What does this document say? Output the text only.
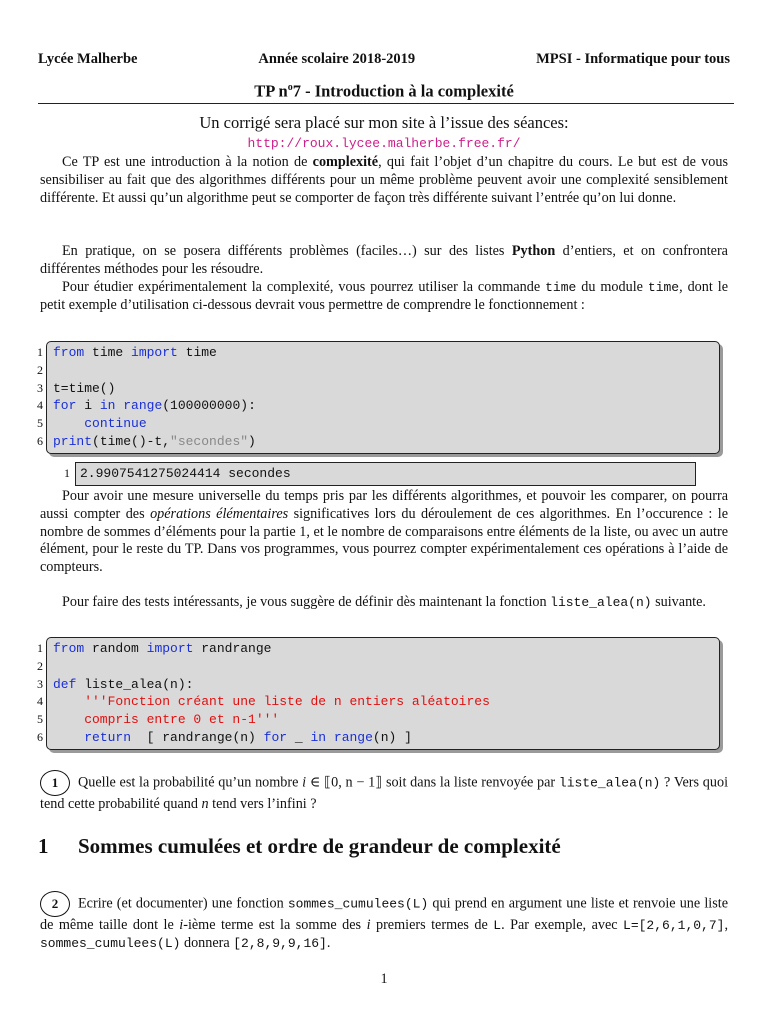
Lycée Malherbe	Année scolaire 2018-2019	MPSI - Informatique pour tous
TP $n^o7$ - Introduction à la complexité
Un corrigé sera placé sur mon site à l’issue des séances:
http://roux.lycee.malherbe.free.fr/
Ce TP est une introduction à la notion de complexité, qui fait l’objet d’un chapitre du cours. Le but est de vous sensibiliser au fait que des algorithmes différents pour un même problème peuvent avoir une complexité sensiblement différente. Et aussi qu’un algorithme peut se comporter de façon très différente suivant l’entrée qu’on lui donne.
En pratique, on se posera différents problèmes (faciles…) sur des listes Python d’entiers, et on confrontera différentes méthodes pour les résoudre.
Pour étudier expérimentalement la complexité, vous pourrez utiliser la commande time du module time, dont le petit exemple d’utilisation ci-dessous devrait vous permettre de comprendre le fonctionnement :
1 from time import time
2
3 t=time()
4 for i in range(100000000):
5	continue
6 print(time()-t,"secondes")
1 2.9907541275024414 secondes
Pour avoir une mesure universelle du temps pris par les différents algorithmes, et pouvoir les comparer, on pourra aussi compter des opérations élémentaires significatives lors du déroulement de ces algorithmes. En l’occurence : le nombre de sommes d’éléments pour la partie 1, et le nombre de comparaisons entre éléments de la liste, ou avec un autre élément, pour le reste du TP. Dans vos programmes, vous pourrez compter expérimentalement ces opérations à l’aide de compteurs.
Pour faire des tests intéressants, je vous suggère de définir dès maintenant la fonction liste_alea(n) suivante.
1 from random import randrange
2
3 def liste_alea(n):
4 '''Fonction créant une liste de n entiers aléatoires
5 compris entre 0 et n-1'''
6	return  [ randrange(n) for _ in range(n) ]
1 Quelle est la probabilité qu’un nombre i ∈ ⟦0, n − 1⟧ soit dans la liste renvoyée par liste_alea(n) ? Vers quoi tend cette probabilité quand n tend vers l’infini ?
1 Sommes cumulées et ordre de grandeur de complexité
2 Ecrire (et documenter) une fonction sommes_cumulees(L) qui prend en argument une liste et renvoie une liste de même taille dont le i-ième terme est la somme des i premiers termes de L. Par exemple, avec L=[2,6,1,0,7], sommes_cumulees(L) donnera [2,8,9,9,16].
1
